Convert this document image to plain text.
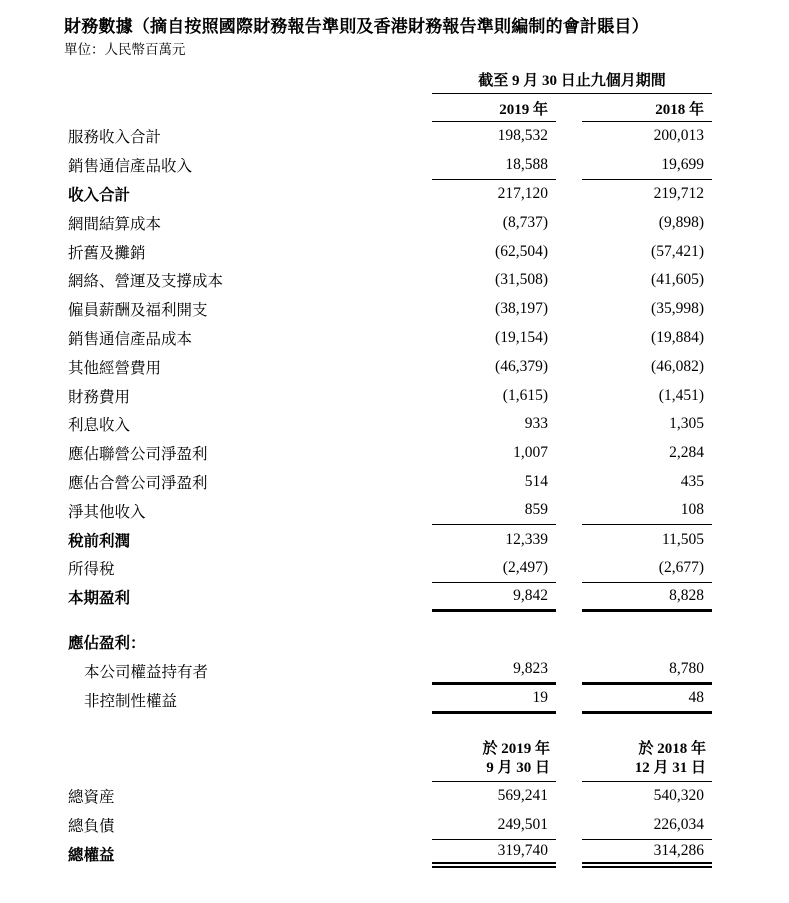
財務數據（摘自按照國際財務報告準則及香港財務報告準則編制的會計賬目）
單位：人民幣百萬元
截至 9 月 30 日止九個月期間
2019 年	2018 年
服務收入合計	198,532	200,013
銷售通信產品收入	18,588	19,699
收入合計	217,120	219,712
網間結算成本	(8,737)	(9,898)
折舊及攤銷	(62,504)	(57,421)
網絡、營運及支撐成本	(31,508)	(41,605)
僱員薪酬及福利開支	(38,197)	(35,998)
銷售通信產品成本	(19,154)	(19,884)
其他經營費用	(46,379)	(46,082)
財務費用	(1,615)	(1,451)
利息收入	933	1,305
應佔聯營公司淨盈利	1,007	2,284
應佔合營公司淨盈利	514	435
淨其他收入	859	108
稅前利潤	12,339	11,505
所得稅	(2,497)	(2,677)
本期盈利	9,842	8,828
應佔盈利：
本公司權益持有者	9,823	8,780
非控制性權益	19	48
於 2019 年
9 月 30 日
於 2018 年
12 月 31 日
總資産	569,241	540,320
總負債	249,501	226,034
總權益	319,740	314,286
